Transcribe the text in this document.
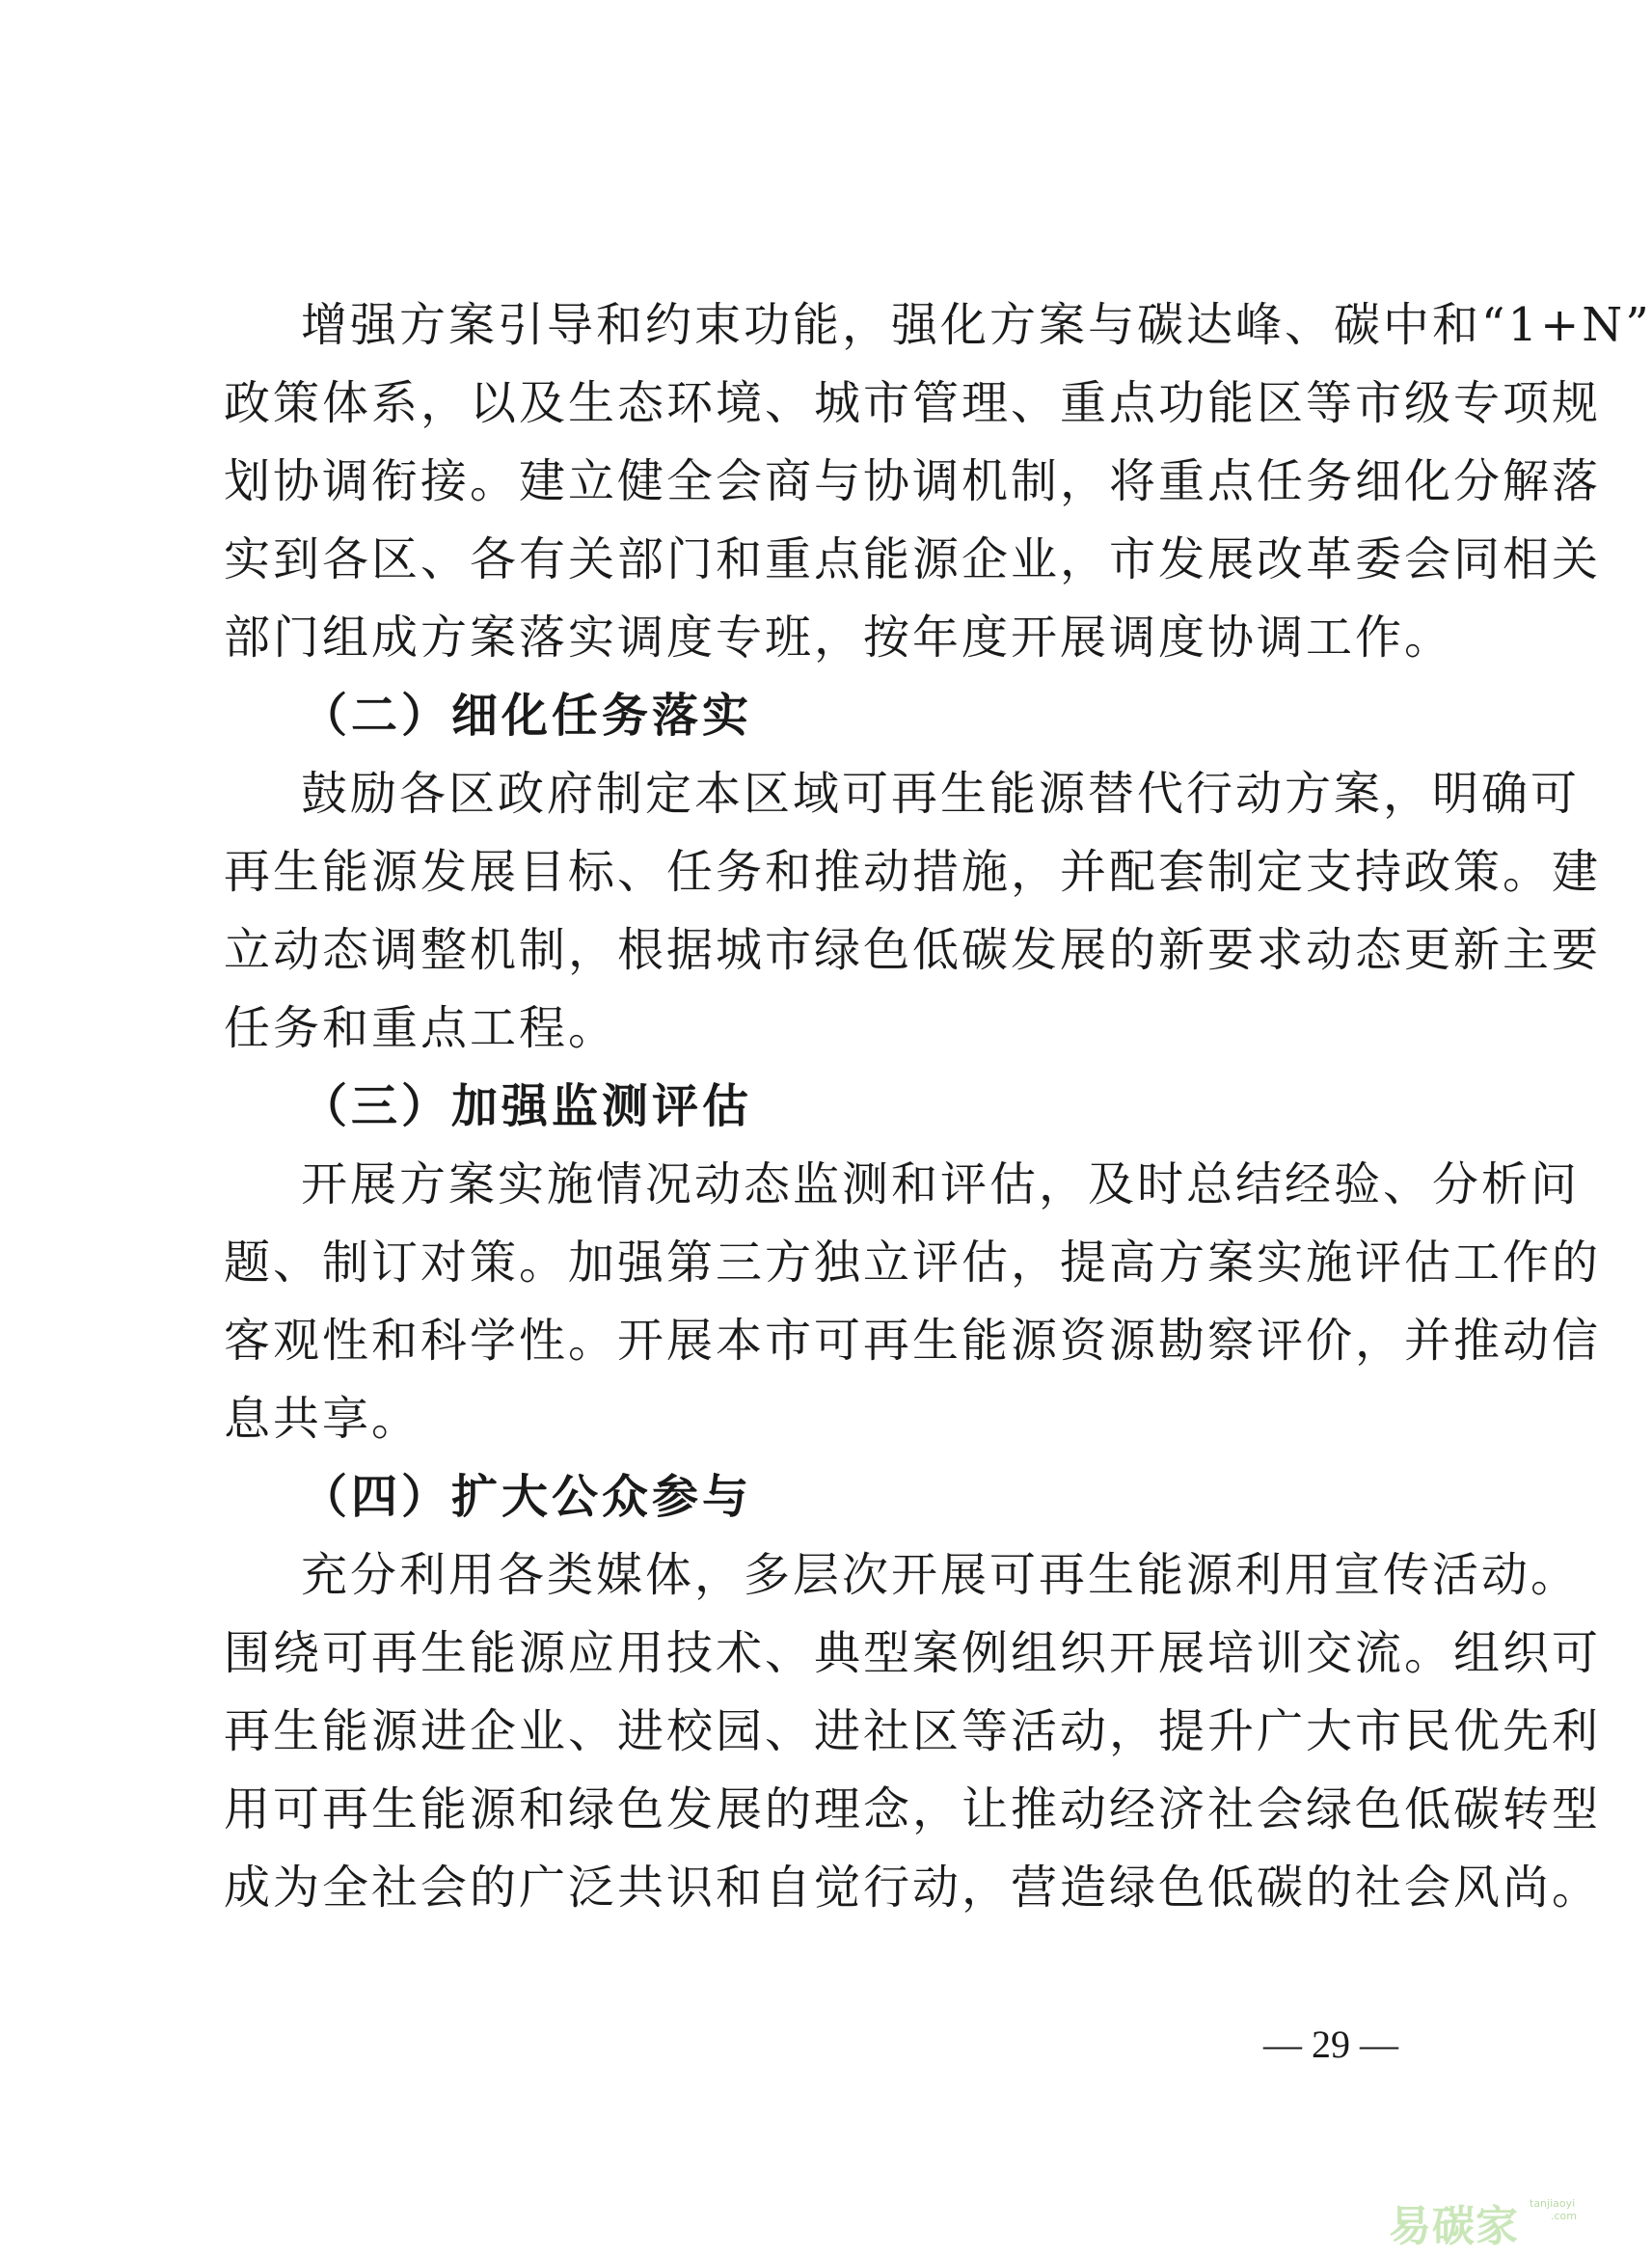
增强方案引导和约束功能，强化方案与碳达峰、碳中和“1+N”
政策体系，以及生态环境、城市管理、重点功能区等市级专项规
划协调衔接。建立健全会商与协调机制，将重点任务细化分解落
实到各区、各有关部门和重点能源企业，市发展改革委会同相关
部门组成方案落实调度专班，按年度开展调度协调工作。
（二）细化任务落实
鼓励各区政府制定本区域可再生能源替代行动方案，明确可
再生能源发展目标、任务和推动措施，并配套制定支持政策。建
立动态调整机制，根据城市绿色低碳发展的新要求动态更新主要
任务和重点工程。
（三）加强监测评估
开展方案实施情况动态监测和评估，及时总结经验、分析问
题、制订对策。加强第三方独立评估，提高方案实施评估工作的
客观性和科学性。开展本市可再生能源资源勘察评价，并推动信
息共享。
（四）扩大公众参与
充分利用各类媒体，多层次开展可再生能源利用宣传活动。
围绕可再生能源应用技术、典型案例组织开展培训交流。组织可
再生能源进企业、进校园、进社区等活动，提升广大市民优先利
用可再生能源和绿色发展的理念，让推动经济社会绿色低碳转型
成为全社会的广泛共识和自觉行动，营造绿色低碳的社会风尚。
— 29 —
易碳家 tanjiaoyi
.com
